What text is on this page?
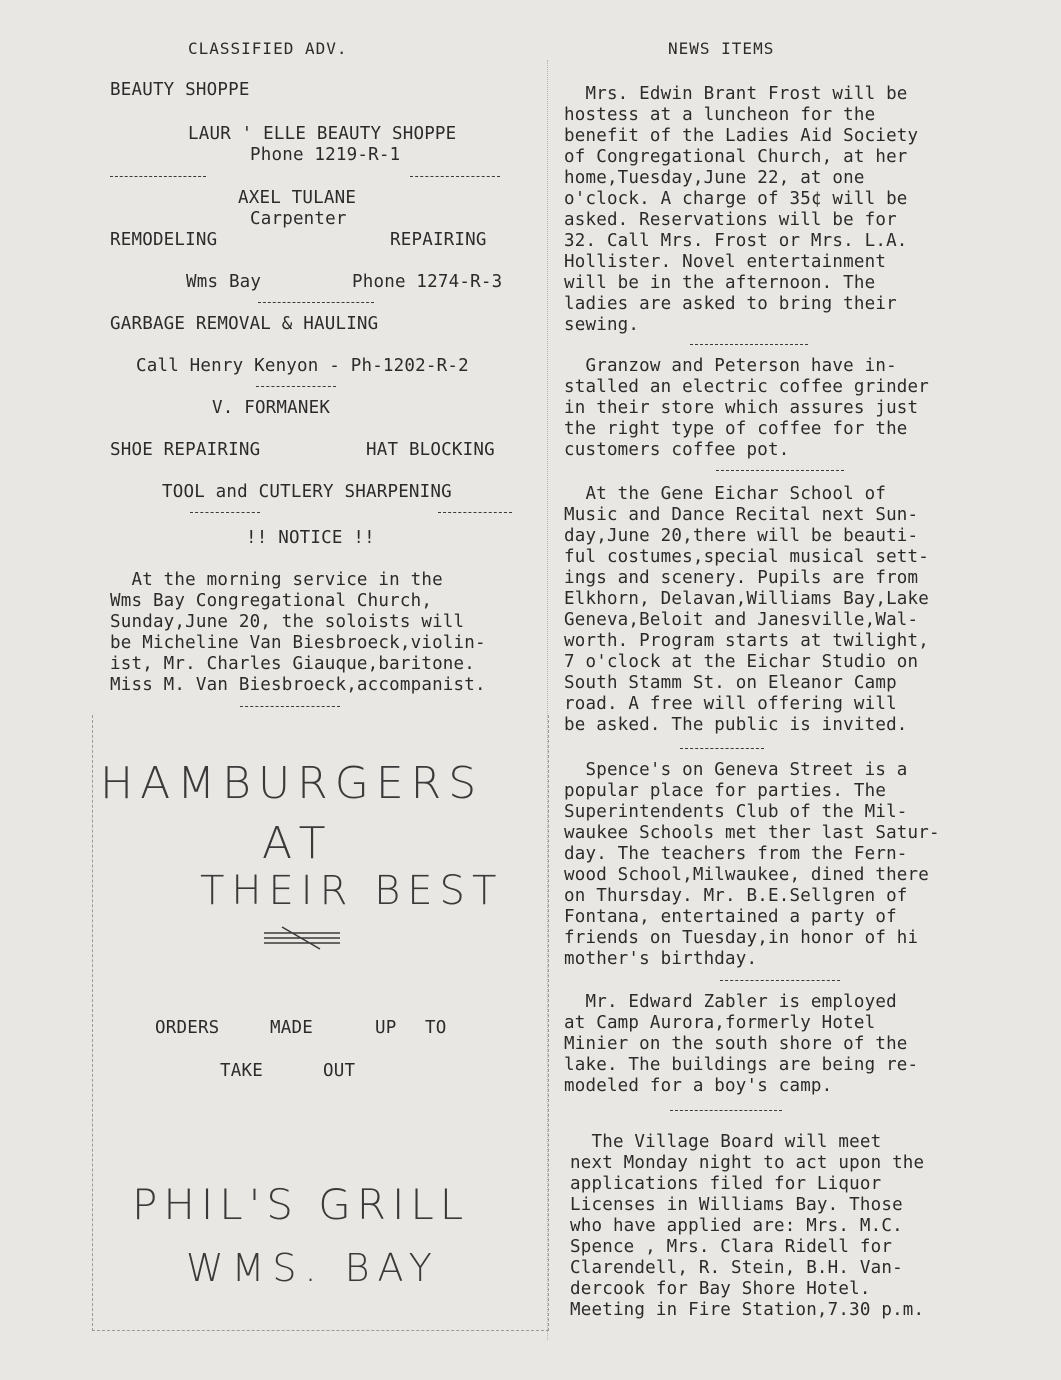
CLASSIFIED ADV.
BEAUTY SHOPPE
LAUR ' ELLE BEAUTY SHOPPE
Phone 1219-R-1
AXEL TULANE
Carpenter
REMODELING	REPAIRING
Wms Bay	Phone 1274-R-3
GARBAGE REMOVAL & HAULING
Call Henry Kenyon - Ph-1202-R-2
V. FORMANEK
SHOE REPAIRING	HAT BLOCKING
TOOL and CUTLERY SHARPENING
!! NOTICE !!
At the morning service in the
Wms Bay Congregational Church,
Sunday,June 20, the soloists will
be Micheline Van Biesbroeck,violin-
ist, Mr. Charles Giauque,baritone.
Miss M. Van Biesbroeck,accompanist.
HAMBURGERS
AT
THEIR BEST
ORDERS	MADE	UP TO
TAKE	OUT
PHIL'S GRILL
WMS. BAY
NEWS ITEMS
Mrs. Edwin Brant Frost will be
hostess at a luncheon for the
benefit of the Ladies Aid Society
of Congregational Church, at her
home,Tuesday,June 22, at one
o'clock. A charge of 35¢ will be
asked. Reservations will be for
32. Call Mrs. Frost or Mrs. L.A.
Hollister. Novel entertainment
will be in the afternoon. The
ladies are asked to bring their
sewing.
Granzow and Peterson have in-
stalled an electric coffee grinder
in their store which assures just
the right type of coffee for the
customers coffee pot.
At the Gene Eichar School of
Music and Dance Recital next Sun-
day,June 20,there will be beauti-
ful costumes,special musical sett-
ings and scenery. Pupils are from
Elkhorn, Delavan,Williams Bay,Lake
Geneva,Beloit and Janesville,Wal-
worth. Program starts at twilight,
7 o'clock at the Eichar Studio on
South Stamm St. on Eleanor Camp
road. A free will offering will
be asked. The public is invited.
Spence's on Geneva Street is a
popular place for parties. The
Superintendents Club of the Mil-
waukee Schools met ther last Satur-
day. The teachers from the Fern-
wood School,Milwaukee, dined there
on Thursday. Mr. B.E.Sellgren of
Fontana, entertained a party of
friends on Tuesday,in honor of hi
mother's birthday.
Mr. Edward Zabler is employed
at Camp Aurora,formerly Hotel
Minier on the south shore of the
lake. The buildings are being re-
modeled for a boy's camp.
The Village Board will meet
next Monday night to act upon the
applications filed for Liquor
Licenses in Williams Bay. Those
who have applied are: Mrs. M.C.
Spence , Mrs. Clara Ridell for
Clarendell, R. Stein, B.H. Van-
dercook for Bay Shore Hotel.
Meeting in Fire Station,7.30 p.m.
